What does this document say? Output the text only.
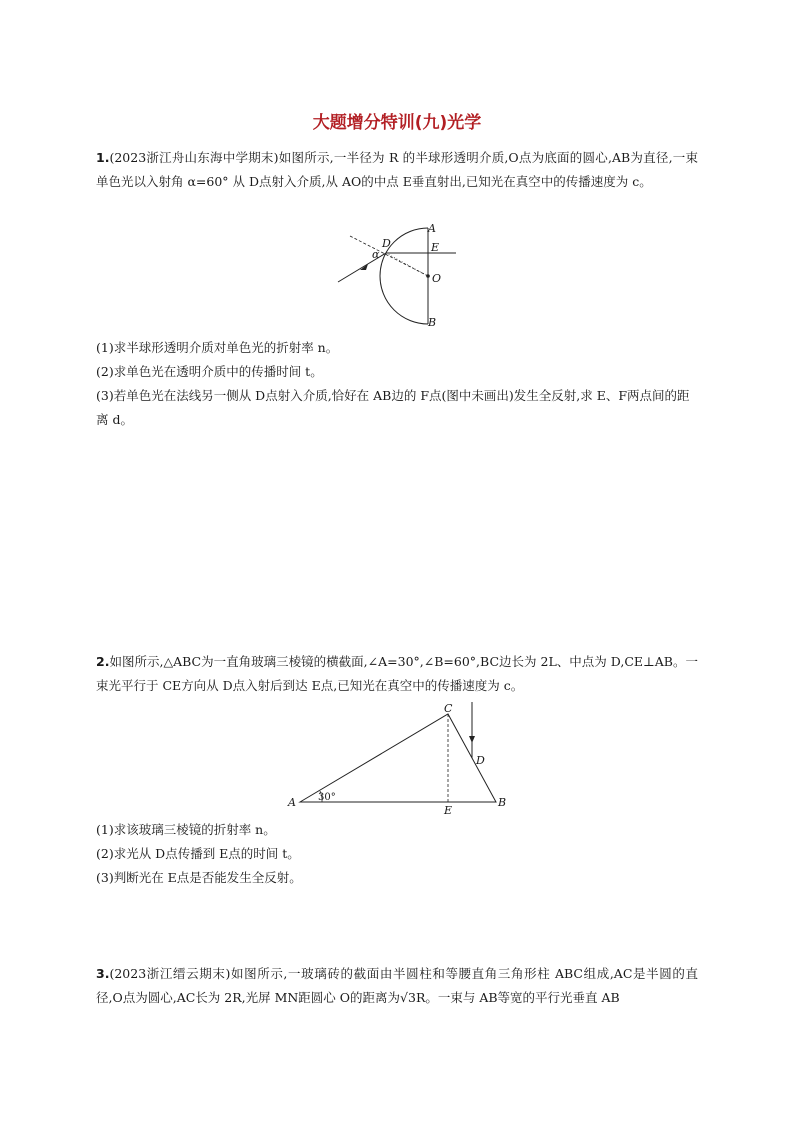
大题增分特训(九)光学

1.(2023浙江舟山东海中学期末)如图所示,一半径为 R 的半球形透明介质,O点为底面的圆心,AB为直径,一束单色光以入射角 α=60° 从 D点射入介质,从 AO的中点 E垂直射出,已知光在真空中的传播速度为 c。

A
E
O
B
D
α

(1)求半球形透明介质对单色光的折射率 n。

(2)求单色光在透明介质中的传播时间 t。

(3)若单色光在法线另一侧从 D点射入介质,恰好在 AB边的 F点(图中未画出)发生全反射,求 E、F两点间的距离 d。

2.如图所示,△ABC为一直角玻璃三棱镜的横截面,∠A=30°,∠B=60°,BC边长为 2L、中点为 D,CE⊥AB。一束光平行于 CE方向从 D点入射后到达 E点,已知光在真空中的传播速度为 c。

A
C
D
E
B
30°

(1)求该玻璃三棱镜的折射率 n。

(2)求光从 D点传播到 E点的时间 t。

(3)判断光在 E点是否能发生全反射。

3.(2023浙江缙云期末)如图所示,一玻璃砖的截面由半圆柱和等腰直角三角形柱 ABC组成,AC是半圆的直径,O点为圆心,AC长为 2R,光屏 MN距圆心 O的距离为√3R。一束与 AB等宽的平行光垂直 AB
